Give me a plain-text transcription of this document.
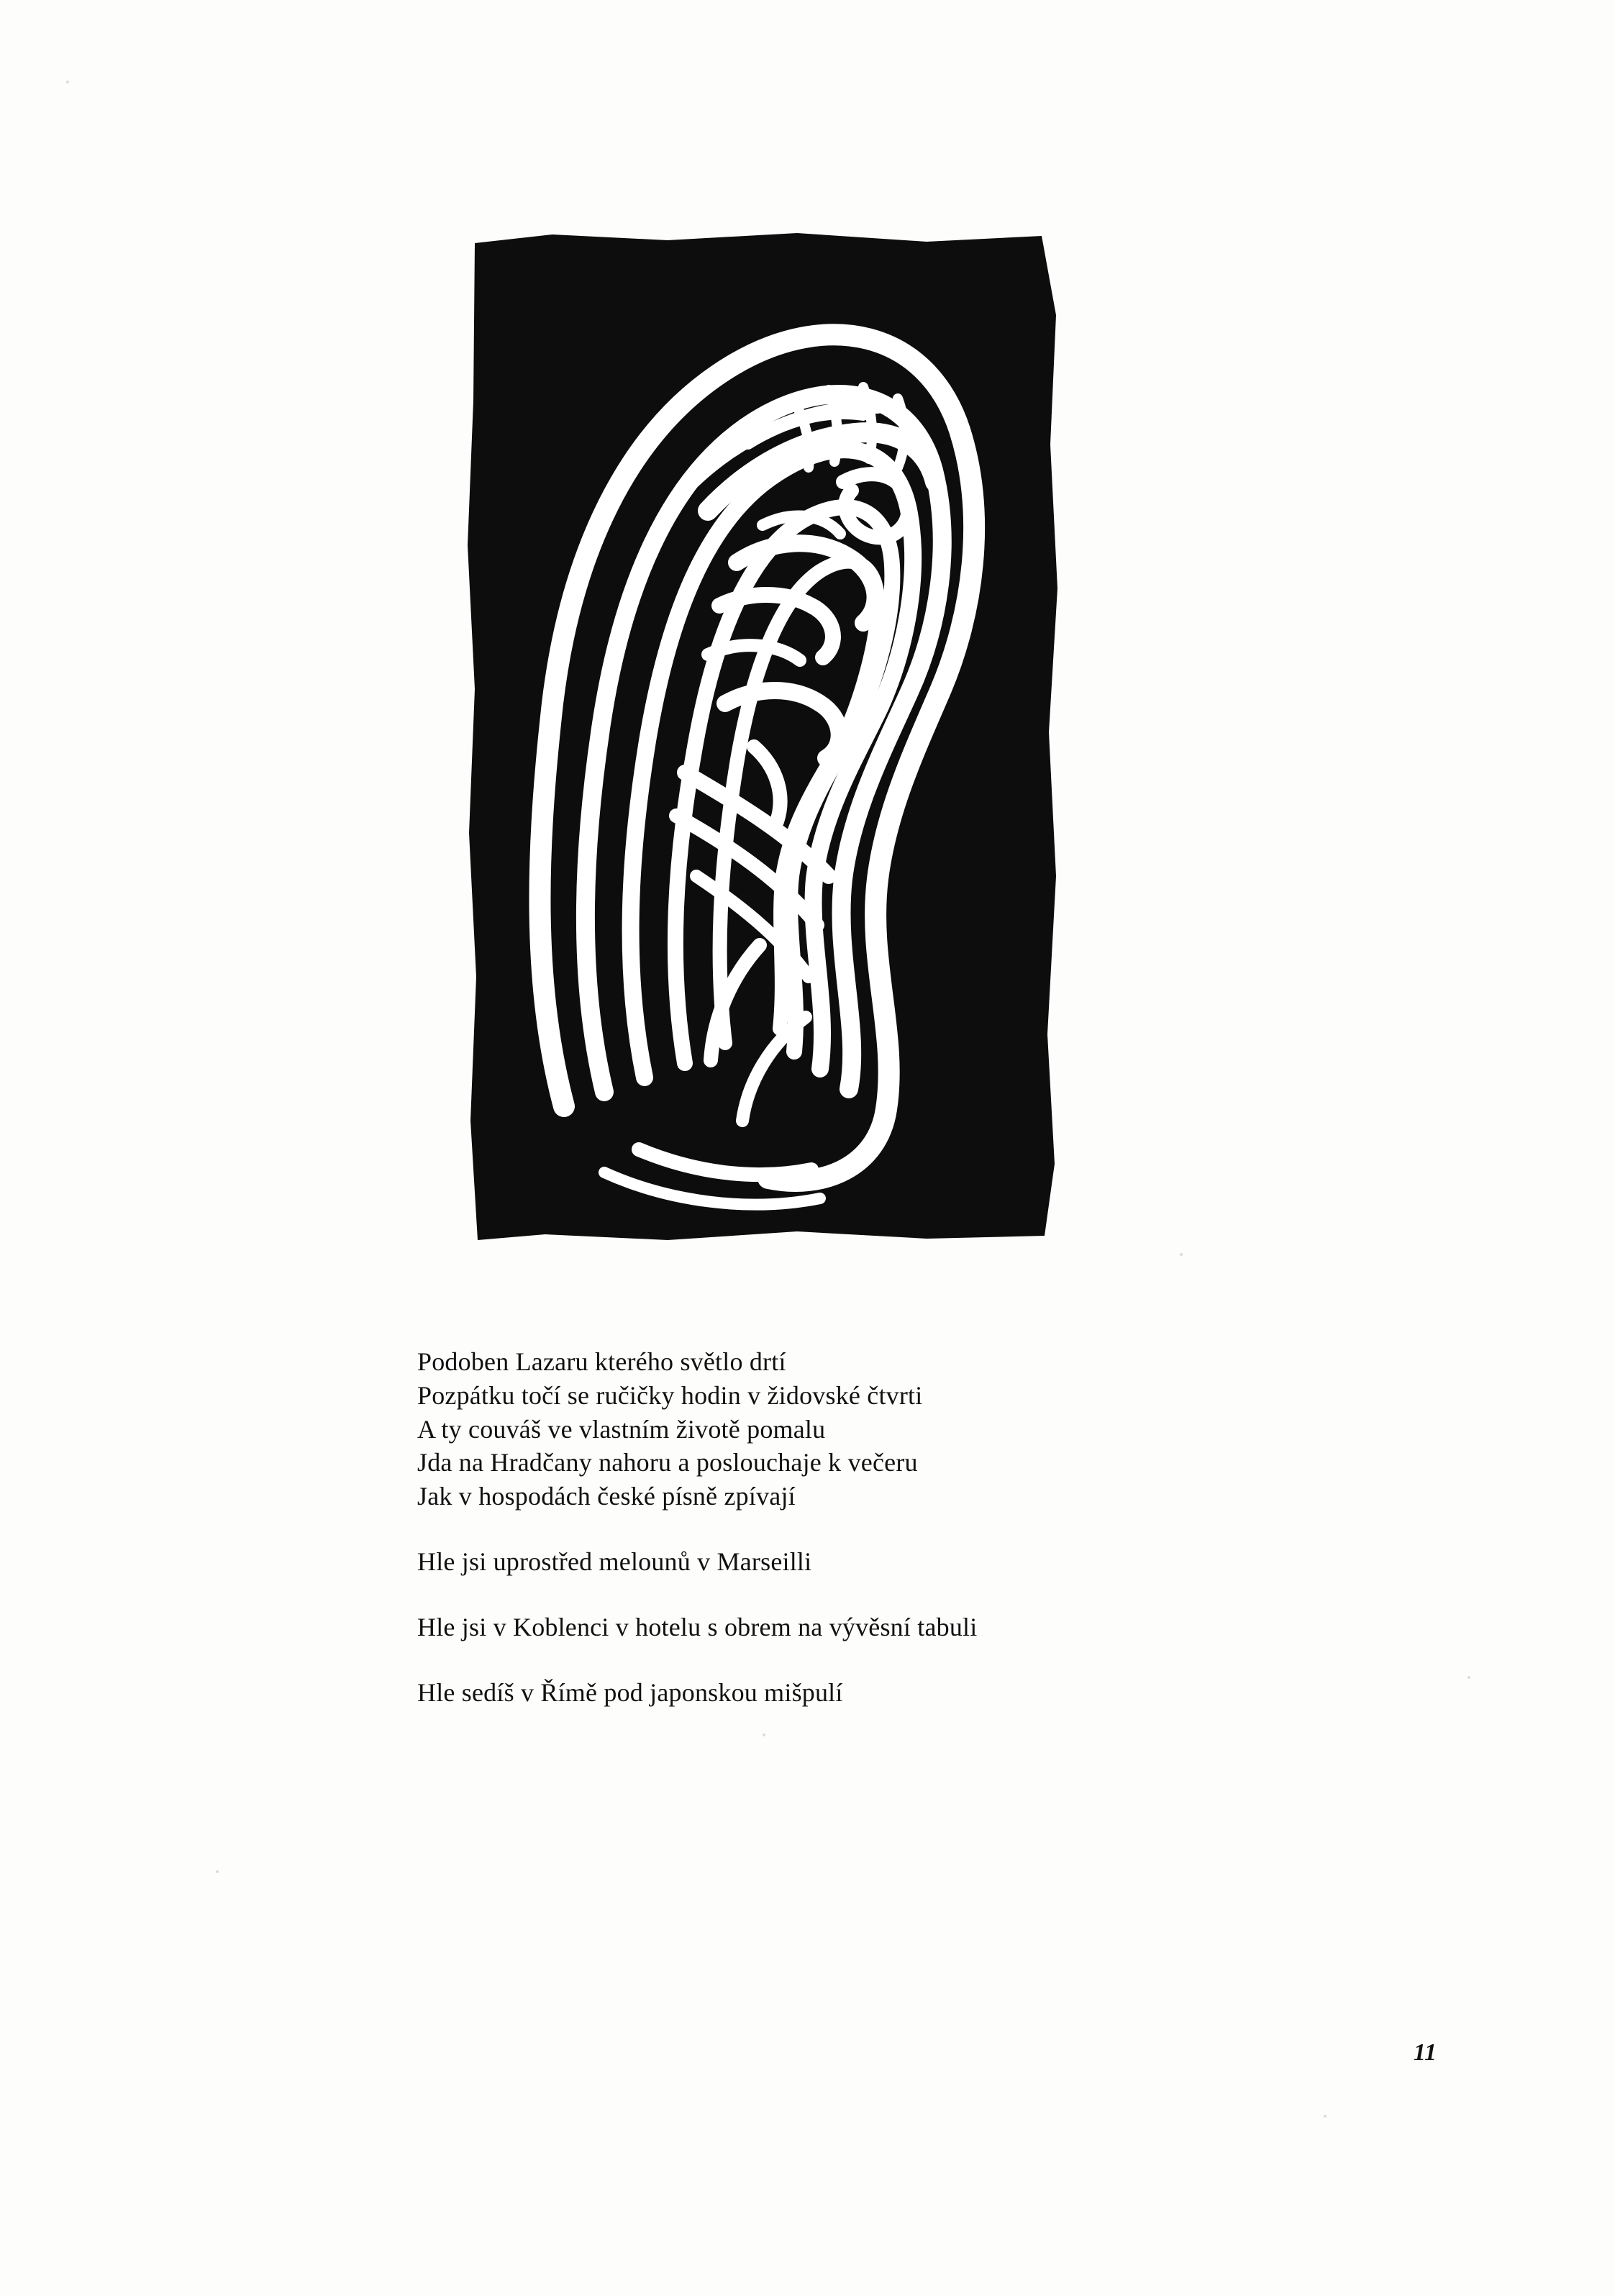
Podoben Lazaru kterého světlo drtí
Pozpátku točí se ručičky hodin v židovské čtvrti
A ty couváš ve vlastním životě pomalu
Jda na Hradčany nahoru a poslouchaje k večeru
Jak v hospodách české písně zpívají
Hle jsi uprostřed melounů v Marseilli
Hle jsi v Koblenci v hotelu s obrem na vývěsní tabuli
Hle sedíš v Římě pod japonskou mišpulí
11
